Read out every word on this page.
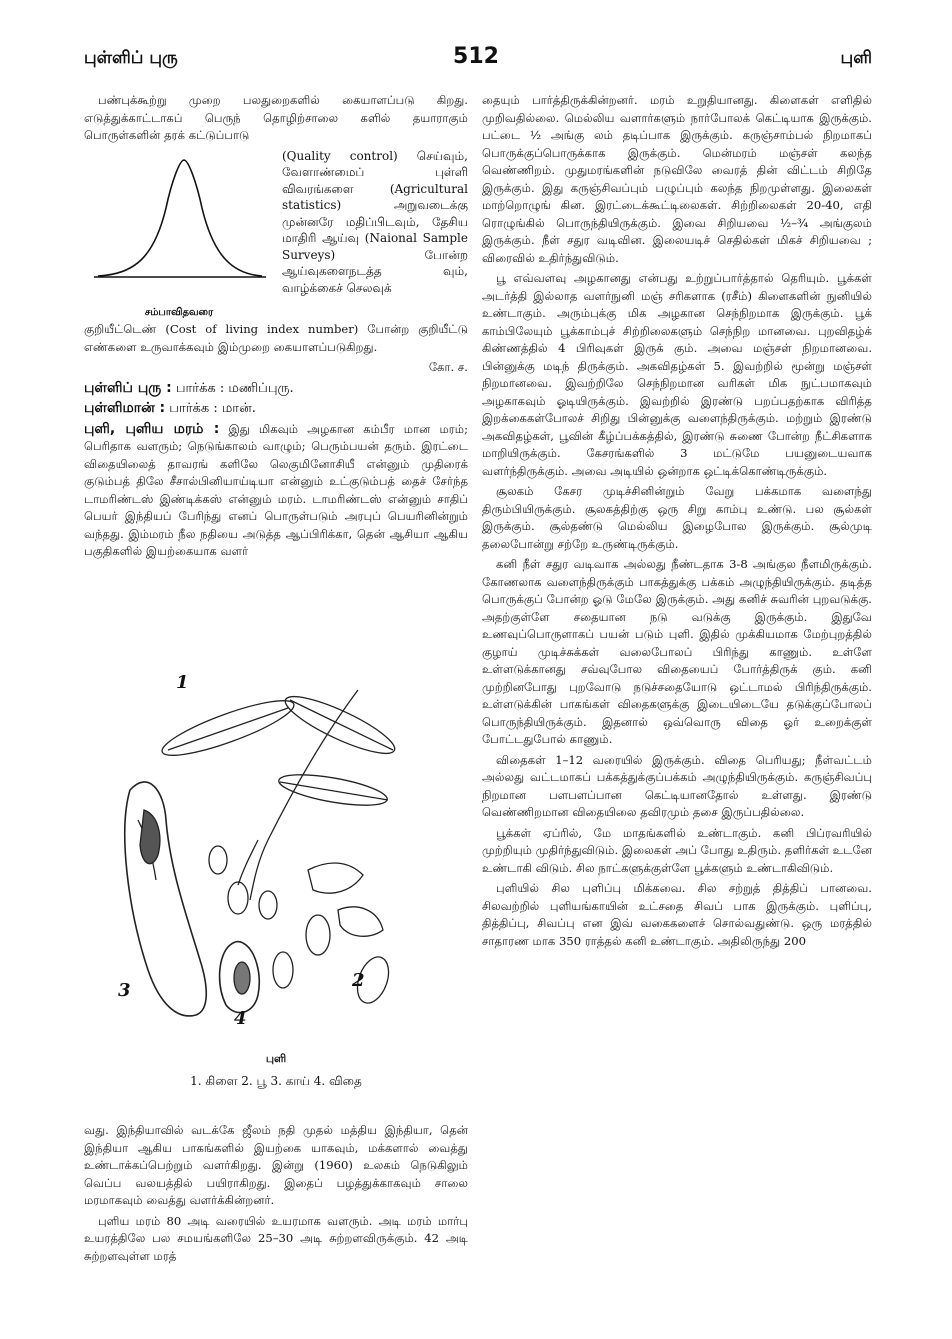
புள்ளிப் புரு	512	புளி

பண்புக்கூற்று முறை பலதுறைகளில் கையாளப்படு கிறது. எடுத்துக்காட்டாகப் பெருந் தொழிற்சாலை களில் தயாராகும் பொருள்களின் தரக் கட்டுப்பாடு

சம்பாவிதவரை
(Quality control) செய்வும், வேளாண்மைப் புள்ளி விவரங்களை (Agricultural statistics) அறுவடைக்கு முன்னரே மதிப்பிடவும், தேசிய மாதிரி ஆய்வு (Naional Sample Surveys) போன்ற ஆய்வுகளைநடத்த வும், வாழ்க்கைச் செலவுக்

குறியீட்டெண் (Cost of living index number) போன்ற குறியீட்டு எண்களை உருவாக்கவும் இம்முறை கையாளப்படுகிறது.

கோ. ச.
புள்ளிப் புரு : பார்க்க : மணிப்புரு.
புள்ளிமான் : பார்க்க : மான்.

புளி, புளிய மரம் : இது மிகவும் அழகான கம்பீர மான மரம்; பெரிதாக வளரும்; நெடுங்காலம் வாழும்; பெரும்பயன் தரும். இரட்டை விதையிலைத் தாவரங் களிலே லெகுமினோசியீ என்னும் முதிரைக் குடும்பத் திலே சீசால்பினியாய்டியா என்னும் உட்குடும்பத் தைச் சேர்ந்த டாமரிண்டஸ் இண்டிக்கஸ் என்னும் மரம். டாமரிண்டஸ் என்னும் சாதிப் பெயர் இந்தியப் பேரிந்து எனப் பொருள்படும் அரபுப் பெயரினின்றும் வந்தது. இம்மரம் நீல நதியை அடுத்த ஆப்பிரிக்கா, தென் ஆசியா ஆகிய பகுதிகளில் இயற்கையாக வளர்

1
2
3
4
புளி
1. கிளை 2. பூ 3. காய் 4. விதை

வது. இந்தியாவில் வடக்கே ஜீலம் நதி முதல் மத்திய இந்தியா, தென் இந்தியா ஆகிய பாகங்களில் இயற்கை யாகவும், மக்களால் வைத்து உண்டாக்கப்பெற்றும் வளர்கிறது. இன்று (1960) உலகம் நெடுகிலும் வெப்ப வலயத்தில் பயிராகிறது. இதைப் பழத்துக்காகவும் சாலை மரமாகவும் வைத்து வளர்க்கின்றனர்.

புளிய மரம் 80 அடி வரையில் உயரமாக வளரும். அடி மரம் மார்பு உயரத்திலே பல சமயங்களிலே 25–30 அடி சுற்றளவிருக்கும். 42 அடி சுற்றளவுள்ள மரத்

தையும் பார்த்திருக்கின்றனர். மரம் உறுதியானது. கிளைகள் எளிதில் முறிவதில்லை. மெல்லிய வளார்களும் நார்போலக் கெட்டியாக இருக்கும். பட்டை ½ அங்கு லம் தடிப்பாக இருக்கும். கருஞ்சாம்பல் நிறமாகப் பொருக்குப்பொருக்காக இருக்கும். மென்மரம் மஞ்சள் கலந்த வெண்ணிறம். முதுமரங்களின் நடுவிலே வைரத் தின் விட்டம் சிறிதே இருக்கும். இது கருஞ்சிவப்பும் பழுப்பும் கலந்த நிறமுள்ளது. இலைகள் மாற்றொழுங் கின. இரட்டைக்கூட்டிலைகள். சிற்றிலைகள் 20-40, எதி ரொழுங்கில் பொருந்தியிருக்கும். இவை சிறியவை ½–¾ அங்குலம் இருக்கும். நீள் சதுர வடிவின. இலையடிச் செதில்கள் மிகச் சிறியவை ; விரைவில் உதிர்ந்துவிடும்.

பூ எவ்வளவு அழகானது என்பது உற்றுப்பார்த்தால் தெரியும். பூக்கள் அடர்த்தி இல்லாத வளர்நுனி மஞ் சரிகளாக (ரசீம்) கிளைகளின் நுனியில் உண்டாகும். அரும்புக்கு மிக அழகான செந்நிறமாக இருக்கும். பூக் காம்பிலேயும் பூக்காம்புச் சிற்றிலைகளும் செந்நிற மானவை. புறவிதழ்க் கிண்ணத்தில் 4 பிரிவுகள் இருக் கும். அவை மஞ்சள் நிறமானவை. பின்னுக்கு மடிந் திருக்கும். அகவிதழ்கள் 5. இவற்றில் மூன்று மஞ்சள் நிறமானவை. இவற்றிலே செந்நிறமான வரிகள் மிக நுட்பமாகவும் அழகாகவும் ஓடியிருக்கும். இவற்றில் இரண்டு பறப்பதற்காக விரித்த இறக்கைகள்போலச் சிறிது பின்னுக்கு வளைந்திருக்கும். மற்றும் இரண்டு அகவிதழ்கள், பூவின் கீழ்ப்பக்கத்தில், இரண்டு சுணை போன்ற நீட்சிகளாக மாறியிருக்கும். கேசரங்களில் 3 மட்டுமே பயனுடையவாக வளர்ந்திருக்கும். அவை அடியில் ஒன்றாக ஒட்டிக்கொண்டிருக்கும்.

சூலகம் கேசர முடிச்சினின்றும் வேறு பக்கமாக வளைந்து திரும்பியிருக்கும். சூலகத்திற்கு ஒரு சிறு காம்பு உண்டு. பல சூல்கள் இருக்கும். சூல்தண்டு மெல்லிய இழைபோல இருக்கும். சூல்முடி தலைபோன்று சற்றே உருண்டிருக்கும்.

கனி நீள் சதுர வடிவாக அல்லது நீண்டதாக 3-8 அங்குல நீளமிருக்கும். கோணலாக வளைந்திருக்கும் பாகத்துக்கு பக்கம் அழுந்தியிருக்கும். தடித்த பொருக்குப் போன்ற ஓடு மேலே இருக்கும். அது கனிச் சுவரின் புறவடுக்கு. அதற்குள்ளே சதையான நடு வடுக்கு இருக்கும். இதுவே உணவுப்பொருளாகப் பயன் படும் புளி. இதில் முக்கியமாக மேற்புறத்தில் குழாய் முடிச்சுக்கள் வலைபோலப் பிரிந்து காணும். உள்ளே உள்ளடுக்கானது சவ்வுபோல விதையைப் போர்த்திருக் கும். கனி முற்றினபோது புறவோடு நடுச்சதையோடு ஒட்டாமல் பிரிந்திருக்கும். உள்ளடுக்கின் பாகங்கள் விதைகளுக்கு இடையிடையே தடுக்குப்போலப் பொருந்தியிருக்கும். இதனால் ஒவ்வொரு விதை ஓர் உறைக்குள் போட்டதுபோல் காணும்.

விதைகள் 1–12 வரையில் இருக்கும். விதை பெரியது; நீள்வட்டம் அல்லது வட்டமாகப் பக்கத்துக்குப்பக்கம் அழுந்தியிருக்கும். கருஞ்சிவப்பு நிறமான பளபளப்பான கெட்டியானதோல் உள்ளது. இரண்டு வெண்ணிறமான விதையிலை தவிரமும் தசை இருப்பதில்லை.

பூக்கள் ஏப்ரில், மே மாதங்களில் உண்டாகும். கனி பிப்ரவரியில் முற்றியும் முதிர்ந்துவிடும். இலைகள் அப் போது உதிரும். தளிர்கள் உடனே உண்டாகி விடும். சில நாட்களுக்குள்ளே பூக்களும் உண்டாகிவிடும்.

புளியில் சில புளிப்பு மிக்கவை. சில சற்றுத் தித்திப் பானவை. சிலவற்றில் புளியங்காயின் உட்சதை சிவப் பாக இருக்கும். புளிப்பு, தித்திப்பு, சிவப்பு என இவ் வகைகளைச் சொல்வதுண்டு. ஒரு மரத்தில் சாதாரண மாக 350 ராத்தல் கனி உண்டாகும். அதிலிருந்து 200
